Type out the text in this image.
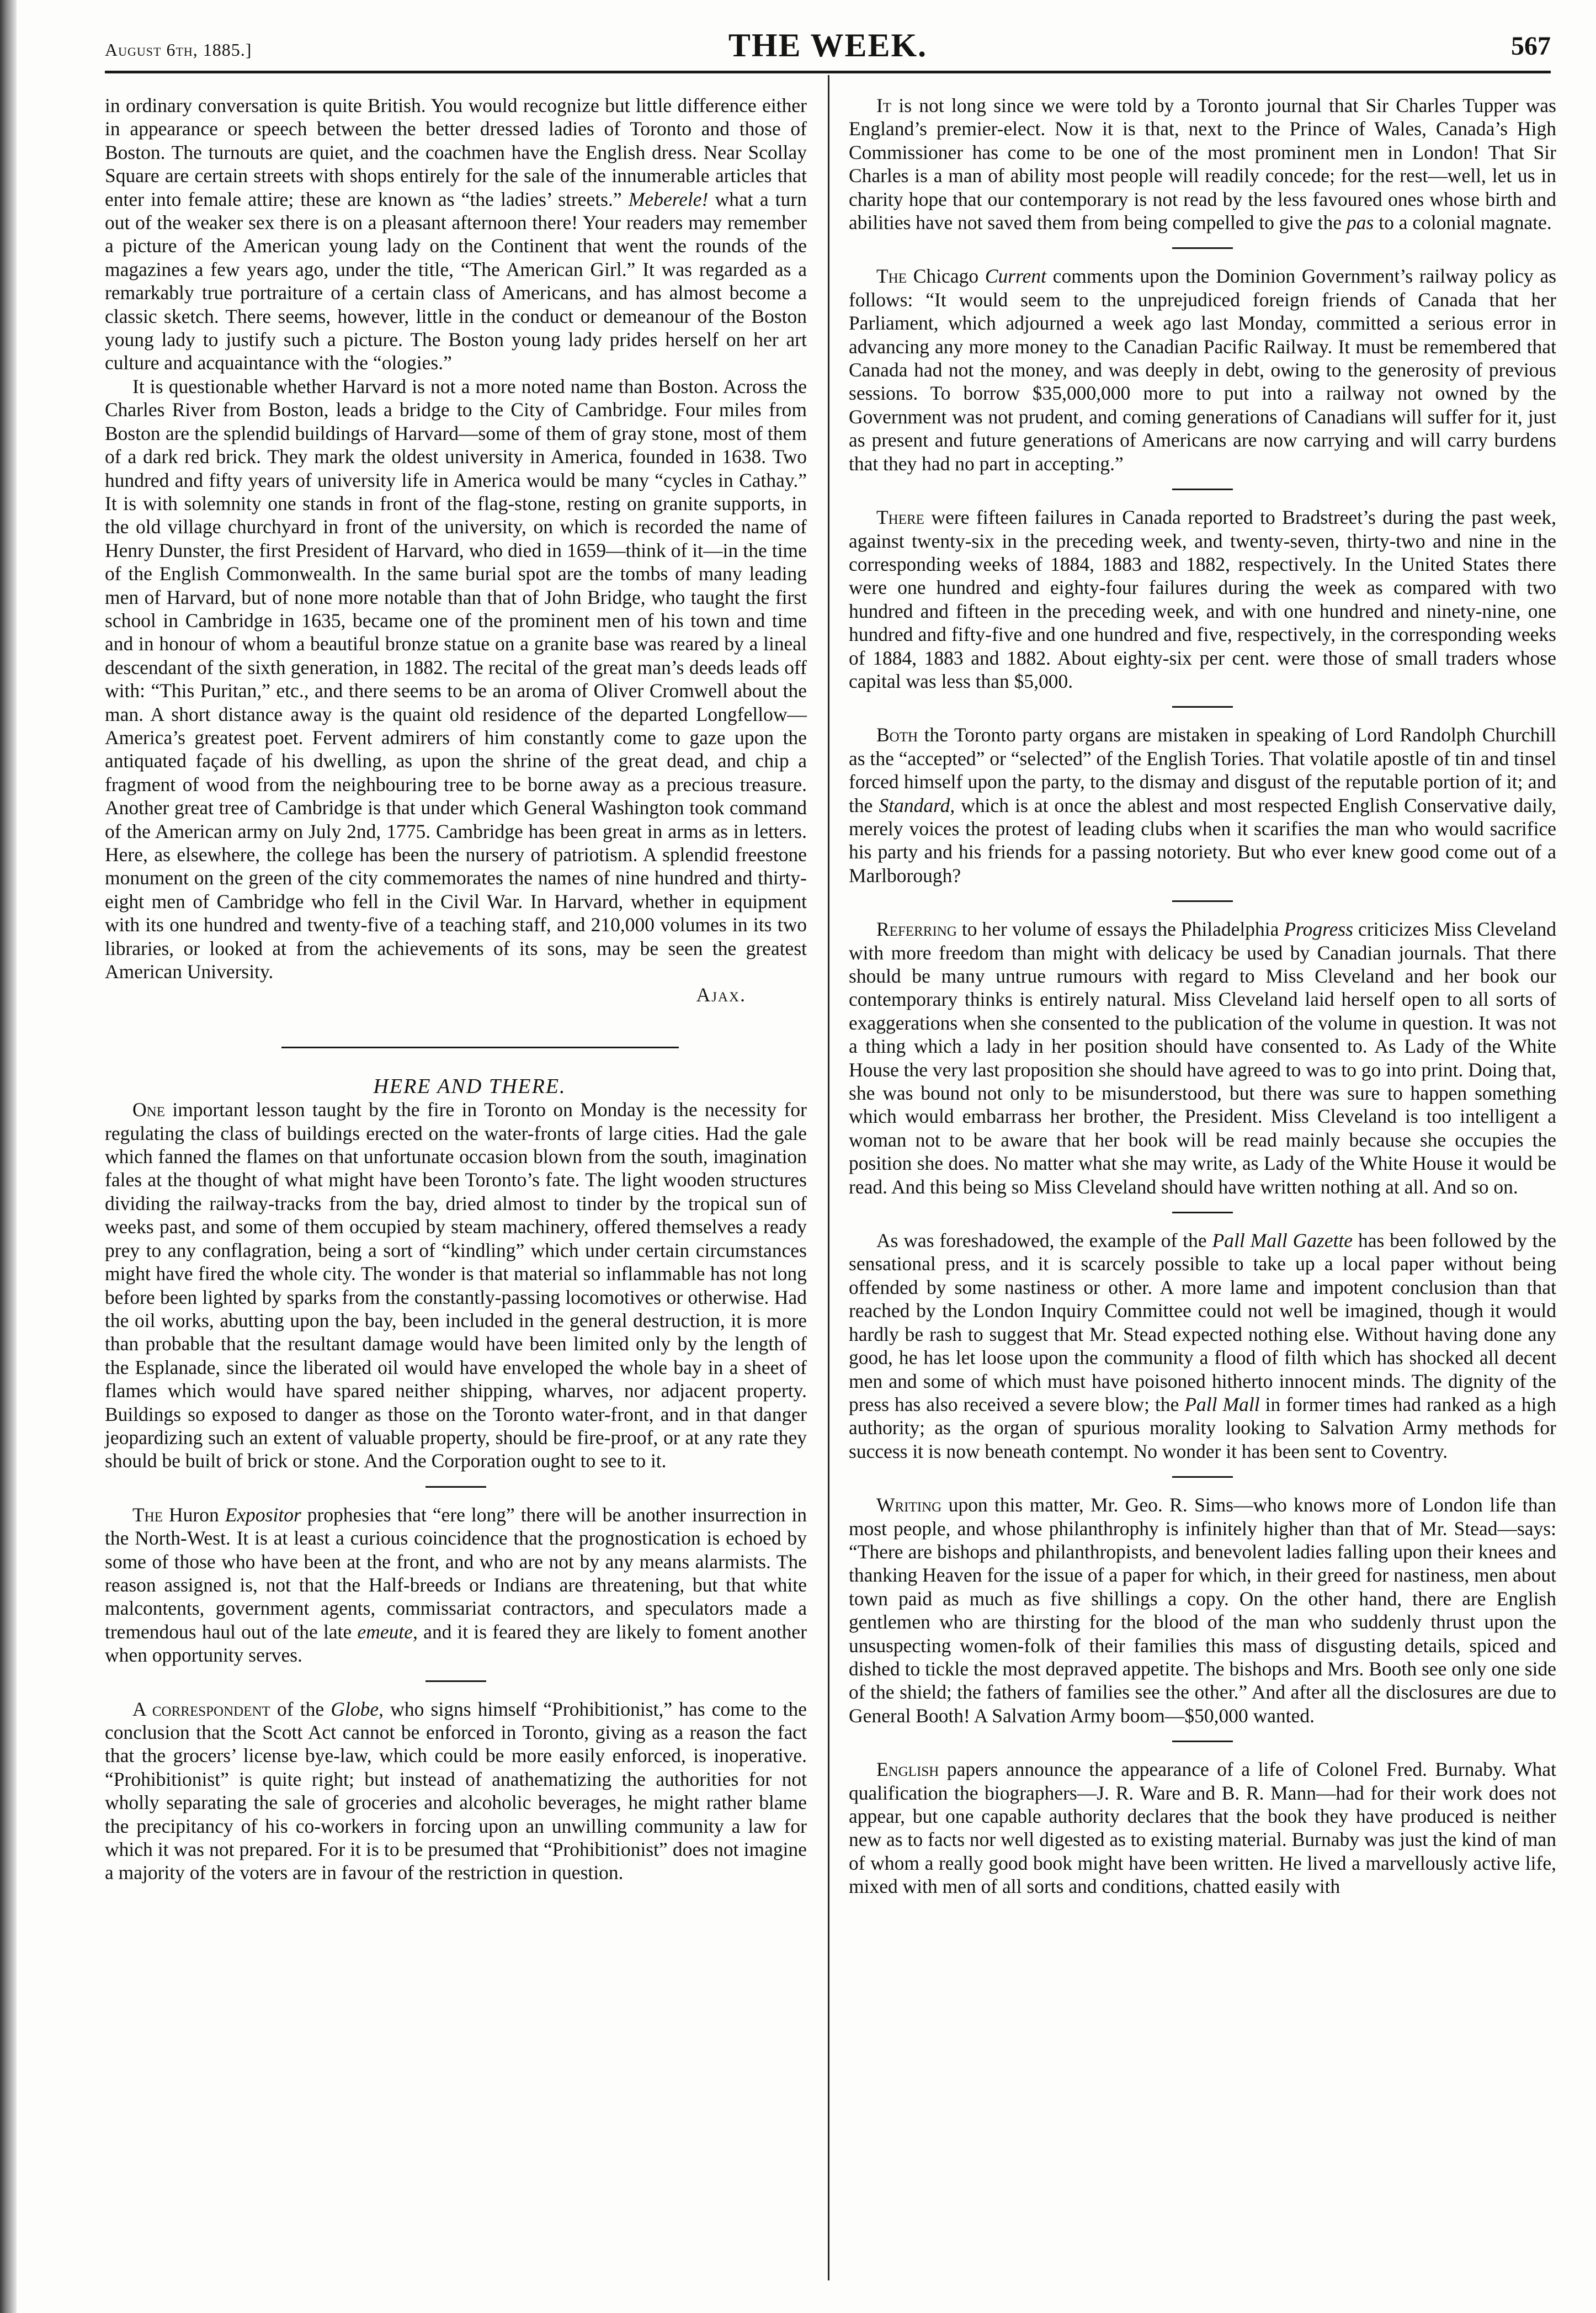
August 6th, 1885.]	THE WEEK.	567

in ordinary conversation is quite British. You would recognize but little difference either in appearance or speech between the better dressed ladies of Toronto and those of Boston. The turnouts are quiet, and the coachmen have the English dress. Near Scollay Square are certain streets with shops entirely for the sale of the innumerable articles that enter into female attire; these are known as “the ladies’ streets.” Meberele! what a turn out of the weaker sex there is on a pleasant afternoon there! Your readers may remember a picture of the American young lady on the Continent that went the rounds of the magazines a few years ago, under the title, “The American Girl.” It was regarded as a remarkably true portraiture of a certain class of Americans, and has almost become a classic sketch. There seems, however, little in the conduct or demeanour of the Boston young lady to justify such a picture. The Boston young lady prides herself on her art culture and acquaintance with the “ologies.”

It is questionable whether Harvard is not a more noted name than Boston. Across the Charles River from Boston, leads a bridge to the City of Cambridge. Four miles from Boston are the splendid buildings of Harvard—some of them of gray stone, most of them of a dark red brick. They mark the oldest university in America, founded in 1638. Two hundred and fifty years of university life in America would be many “cycles in Cathay.” It is with solemnity one stands in front of the flag-stone, resting on granite supports, in the old village churchyard in front of the university, on which is recorded the name of Henry Dunster, the first President of Harvard, who died in 1659—think of it—in the time of the English Commonwealth. In the same burial spot are the tombs of many leading men of Harvard, but of none more notable than that of John Bridge, who taught the first school in Cambridge in 1635, became one of the prominent men of his town and time and in honour of whom a beautiful bronze statue on a granite base was reared by a lineal descendant of the sixth generation, in 1882. The recital of the great man’s deeds leads off with: “This Puritan,” etc., and there seems to be an aroma of Oliver Cromwell about the man. A short distance away is the quaint old residence of the departed Longfellow—America’s greatest poet. Fervent admirers of him constantly come to gaze upon the antiquated façade of his dwelling, as upon the shrine of the great dead, and chip a fragment of wood from the neighbouring tree to be borne away as a precious treasure. Another great tree of Cambridge is that under which General Washington took command of the American army on July 2nd, 1775. Cambridge has been great in arms as in letters. Here, as elsewhere, the college has been the nursery of patriotism. A splendid freestone monument on the green of the city commemorates the names of nine hundred and thirty-eight men of Cambridge who fell in the Civil War. In Harvard, whether in equipment with its one hundred and twenty-five of a teaching staff, and 210,000 volumes in its two libraries, or looked at from the achievements of its sons, may be seen the greatest American University.

Ajax.

HERE AND THERE.

One important lesson taught by the fire in Toronto on Monday is the necessity for regulating the class of buildings erected on the water-fronts of large cities. Had the gale which fanned the flames on that unfortunate occasion blown from the south, imagination fales at the thought of what might have been Toronto’s fate. The light wooden structures dividing the railway-tracks from the bay, dried almost to tinder by the tropical sun of weeks past, and some of them occupied by steam machinery, offered themselves a ready prey to any conflagration, being a sort of “kindling” which under certain circumstances might have fired the whole city. The wonder is that material so inflammable has not long before been lighted by sparks from the constantly-passing locomotives or otherwise. Had the oil works, abutting upon the bay, been included in the general destruction, it is more than probable that the resultant damage would have been limited only by the length of the Esplanade, since the liberated oil would have enveloped the whole bay in a sheet of flames which would have spared neither shipping, wharves, nor adjacent property. Buildings so exposed to danger as those on the Toronto water-front, and in that danger jeopardizing such an extent of valuable property, should be fire-proof, or at any rate they should be built of brick or stone. And the Corporation ought to see to it.

The Huron Expositor prophesies that “ere long” there will be another insurrection in the North-West. It is at least a curious coincidence that the prognostication is echoed by some of those who have been at the front, and who are not by any means alarmists. The reason assigned is, not that the Half-breeds or Indians are threatening, but that white malcontents, government agents, commissariat contractors, and speculators made a tremendous haul out of the late emeute, and it is feared they are likely to foment another when opportunity serves.

A correspondent of the Globe, who signs himself “Prohibitionist,” has come to the conclusion that the Scott Act cannot be enforced in Toronto, giving as a reason the fact that the grocers’ license bye-law, which could be more easily enforced, is inoperative. “Prohibitionist” is quite right; but instead of anathematizing the authorities for not wholly separating the sale of groceries and alcoholic beverages, he might rather blame the precipitancy of his co-workers in forcing upon an unwilling community a law for which it was not prepared. For it is to be presumed that “Prohibitionist” does not imagine a majority of the voters are in favour of the restriction in question.

It is not long since we were told by a Toronto journal that Sir Charles Tupper was England’s premier-elect. Now it is that, next to the Prince of Wales, Canada’s High Commissioner has come to be one of the most prominent men in London! That Sir Charles is a man of ability most people will readily concede; for the rest—well, let us in charity hope that our contemporary is not read by the less favoured ones whose birth and abilities have not saved them from being compelled to give the pas to a colonial magnate.

The Chicago Current comments upon the Dominion Government’s railway policy as follows: “It would seem to the unprejudiced foreign friends of Canada that her Parliament, which adjourned a week ago last Monday, committed a serious error in advancing any more money to the Canadian Pacific Railway. It must be remembered that Canada had not the money, and was deeply in debt, owing to the generosity of previous sessions. To borrow $35,000,000 more to put into a railway not owned by the Government was not prudent, and coming generations of Canadians will suffer for it, just as present and future generations of Americans are now carrying and will carry burdens that they had no part in accepting.”

There were fifteen failures in Canada reported to Bradstreet’s during the past week, against twenty-six in the preceding week, and twenty-seven, thirty-two and nine in the corresponding weeks of 1884, 1883 and 1882, respectively. In the United States there were one hundred and eighty-four failures during the week as compared with two hundred and fifteen in the preceding week, and with one hundred and ninety-nine, one hundred and fifty-five and one hundred and five, respectively, in the corresponding weeks of 1884, 1883 and 1882. About eighty-six per cent. were those of small traders whose capital was less than $5,000.

Both the Toronto party organs are mistaken in speaking of Lord Randolph Churchill as the “accepted” or “selected” of the English Tories. That volatile apostle of tin and tinsel forced himself upon the party, to the dismay and disgust of the reputable portion of it; and the Standard, which is at once the ablest and most respected English Conservative daily, merely voices the protest of leading clubs when it scarifies the man who would sacrifice his party and his friends for a passing notoriety. But who ever knew good come out of a Marlborough?

Referring to her volume of essays the Philadelphia Progress criticizes Miss Cleveland with more freedom than might with delicacy be used by Canadian journals. That there should be many untrue rumours with regard to Miss Cleveland and her book our contemporary thinks is entirely natural. Miss Cleveland laid herself open to all sorts of exaggerations when she consented to the publication of the volume in question. It was not a thing which a lady in her position should have consented to. As Lady of the White House the very last proposition she should have agreed to was to go into print. Doing that, she was bound not only to be misunderstood, but there was sure to happen something which would embarrass her brother, the President. Miss Cleveland is too intelligent a woman not to be aware that her book will be read mainly because she occupies the position she does. No matter what she may write, as Lady of the White House it would be read. And this being so Miss Cleveland should have written nothing at all. And so on.

As was foreshadowed, the example of the Pall Mall Gazette has been followed by the sensational press, and it is scarcely possible to take up a local paper without being offended by some nastiness or other. A more lame and impotent conclusion than that reached by the London Inquiry Committee could not well be imagined, though it would hardly be rash to suggest that Mr. Stead expected nothing else. Without having done any good, he has let loose upon the community a flood of filth which has shocked all decent men and some of which must have poisoned hitherto innocent minds. The dignity of the press has also received a severe blow; the Pall Mall in former times had ranked as a high authority; as the organ of spurious morality looking to Salvation Army methods for success it is now beneath contempt. No wonder it has been sent to Coventry.

Writing upon this matter, Mr. Geo. R. Sims—who knows more of London life than most people, and whose philanthrophy is infinitely higher than that of Mr. Stead—says: “There are bishops and philanthropists, and benevolent ladies falling upon their knees and thanking Heaven for the issue of a paper for which, in their greed for nastiness, men about town paid as much as five shillings a copy. On the other hand, there are English gentlemen who are thirsting for the blood of the man who suddenly thrust upon the unsuspecting women-folk of their families this mass of disgusting details, spiced and dished to tickle the most depraved appetite. The bishops and Mrs. Booth see only one side of the shield; the fathers of families see the other.” And after all the disclosures are due to General Booth! A Salvation Army boom—$50,000 wanted.

English papers announce the appearance of a life of Colonel Fred. Burnaby. What qualification the biographers—J. R. Ware and B. R. Mann—had for their work does not appear, but one capable authority declares that the book they have produced is neither new as to facts nor well digested as to existing material. Burnaby was just the kind of man of whom a really good book might have been written. He lived a marvellously active life, mixed with men of all sorts and conditions, chatted easily with
